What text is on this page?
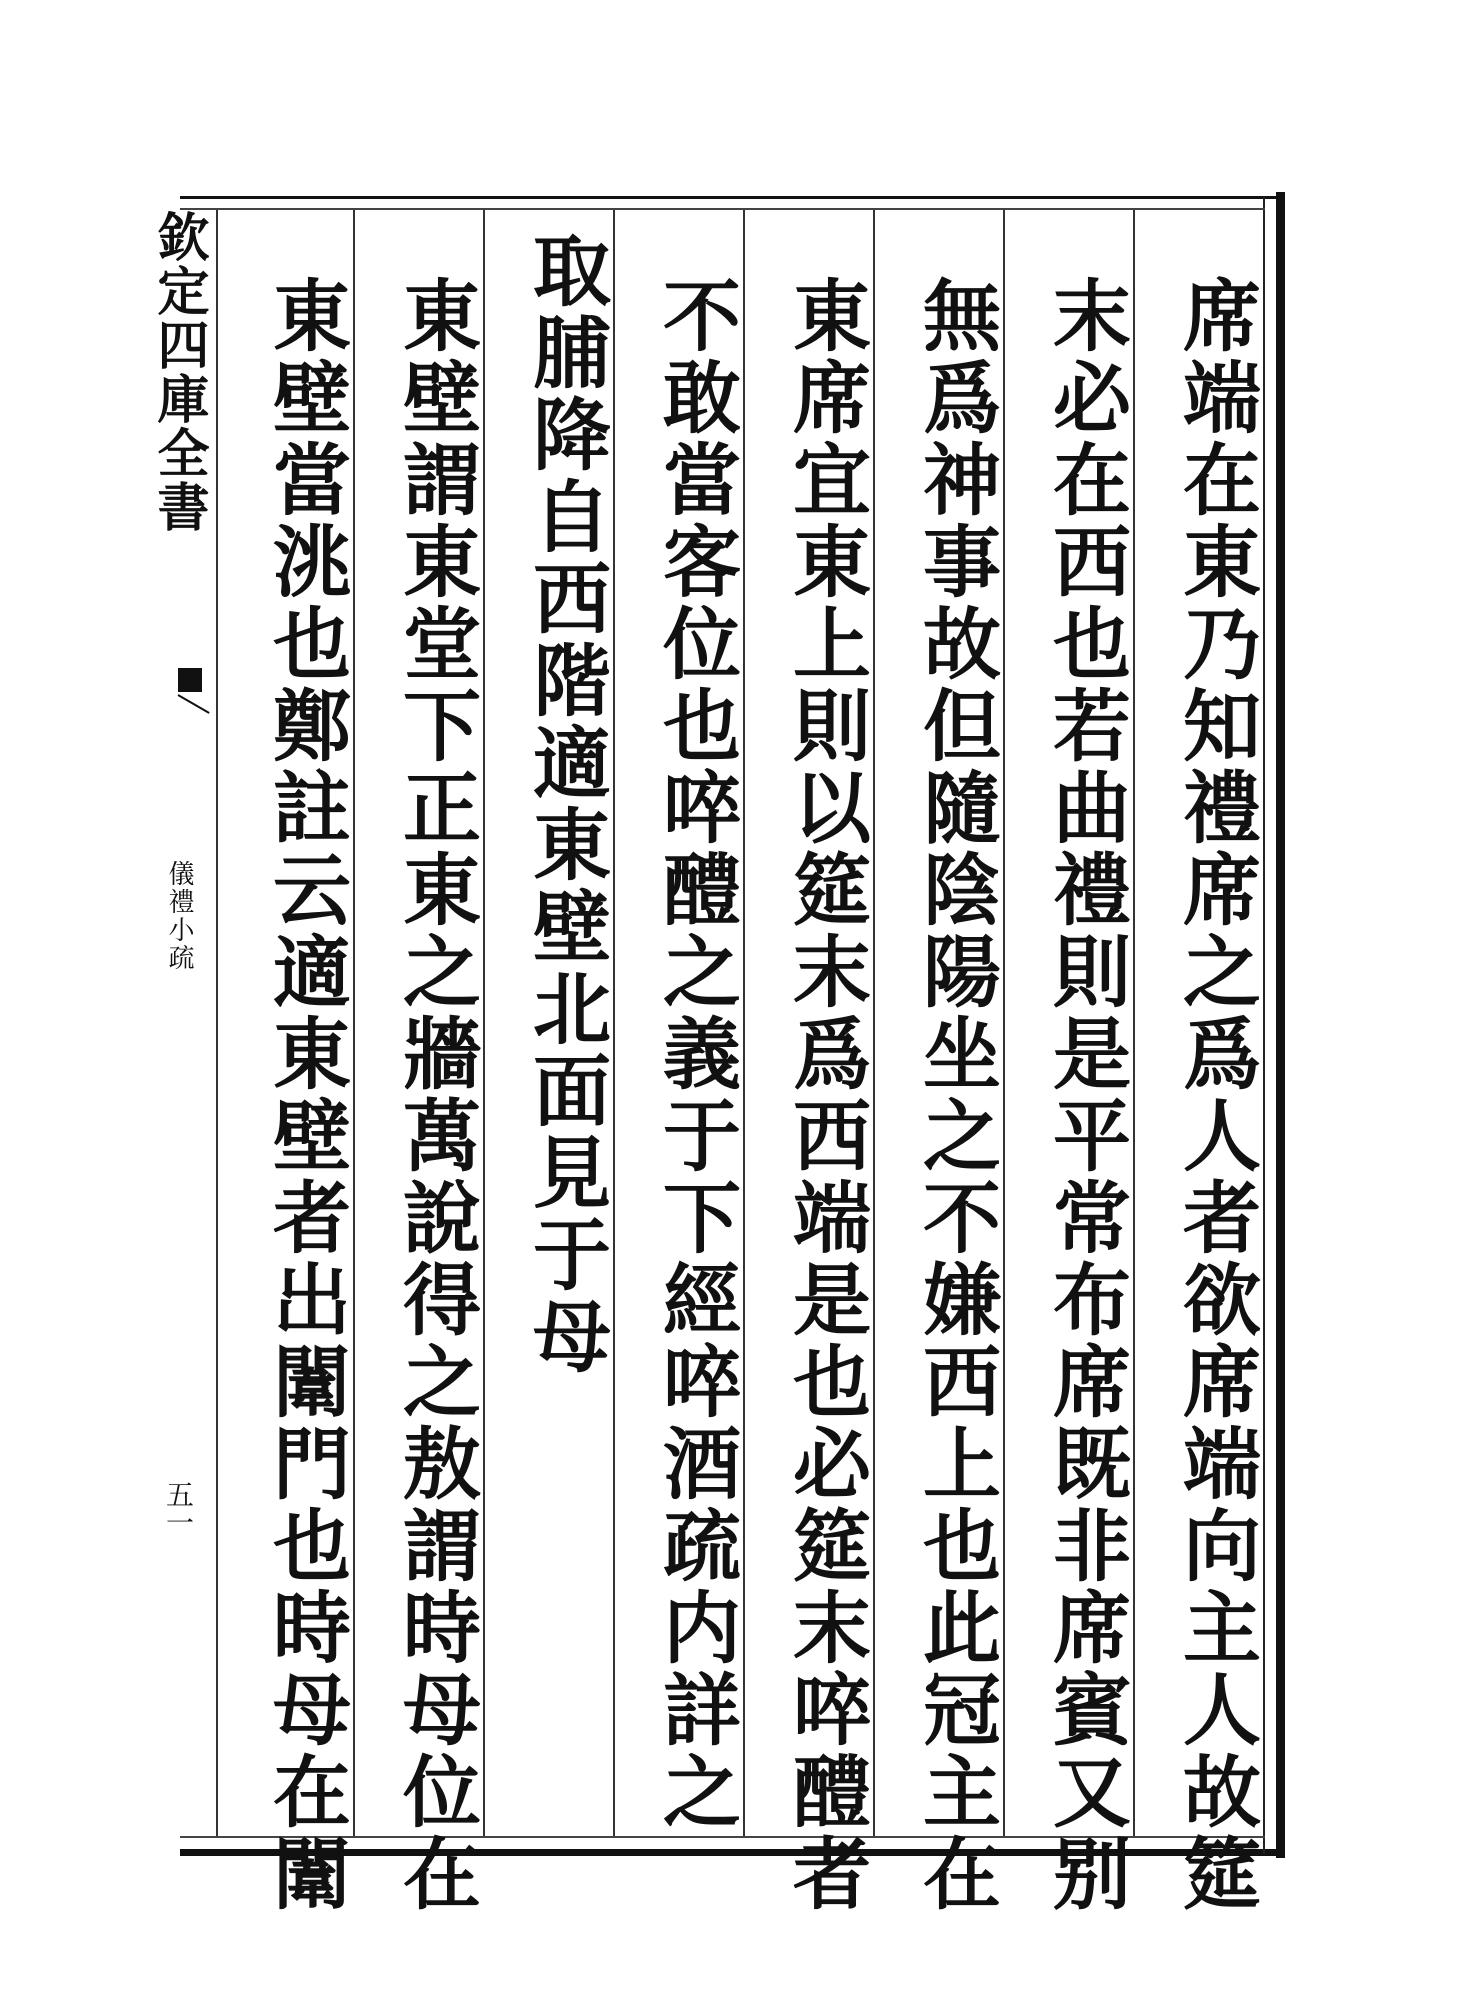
席端在東乃知禮席之爲人者欲席端向主人故筵
末必在西也若曲禮則是平常布席既非席賓又别
無爲神事故但隨陰陽坐之不嫌西上也此冠主在
東席宜東上則以筵末爲西端是也必筵末啐醴者
不敢當客位也啐醴之義于下經啐酒疏内詳之
取脯降自西階適東壁北面見于母
東壁謂東堂下正東之牆萬說得之敖謂時母位在
東壁當洮也鄭註云適東壁者出闈門也時母在闈
欽定四庫全書
儀禮小疏
五一
